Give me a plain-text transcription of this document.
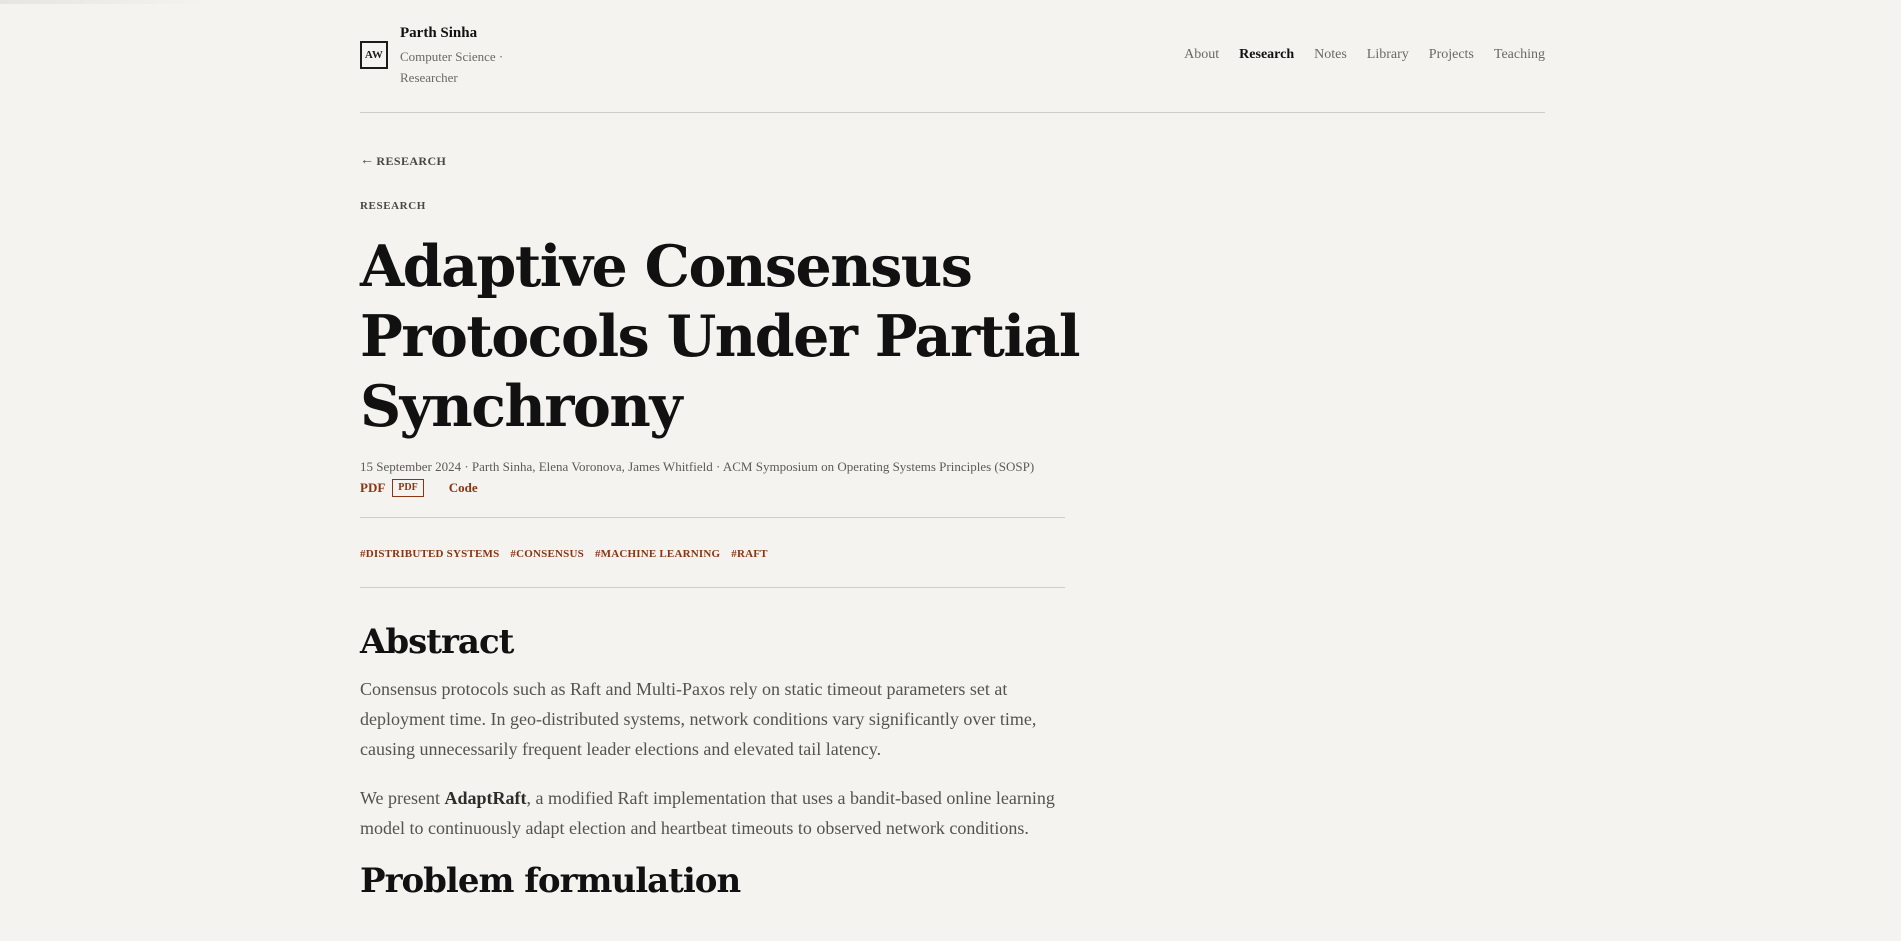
AW
Parth Sinha
Computer Science · Researcher
About Research Notes Library Projects Teaching
← RESEARCH
RESEARCH
Adaptive Consensus Protocols Under Partial Synchrony
15 September 2024 · Parth Sinha, Elena Voronova, James Whitfield · ACM Symposium on Operating Systems Principles (SOSP)
PDF	PDF	Code
#DISTRIBUTED SYSTEMS #CONSENSUS #MACHINE LEARNING #RAFT
Abstract

Consensus protocols such as Raft and Multi-Paxos rely on static timeout parameters set at deployment time. In geo-distributed systems, network conditions vary significantly over time, causing unnecessarily frequent leader elections and elevated tail latency.

We present AdaptRaft, a modified Raft implementation that uses a bandit-based online learning model to continuously adapt election and heartbeat timeouts to observed network conditions.

Problem formulation
